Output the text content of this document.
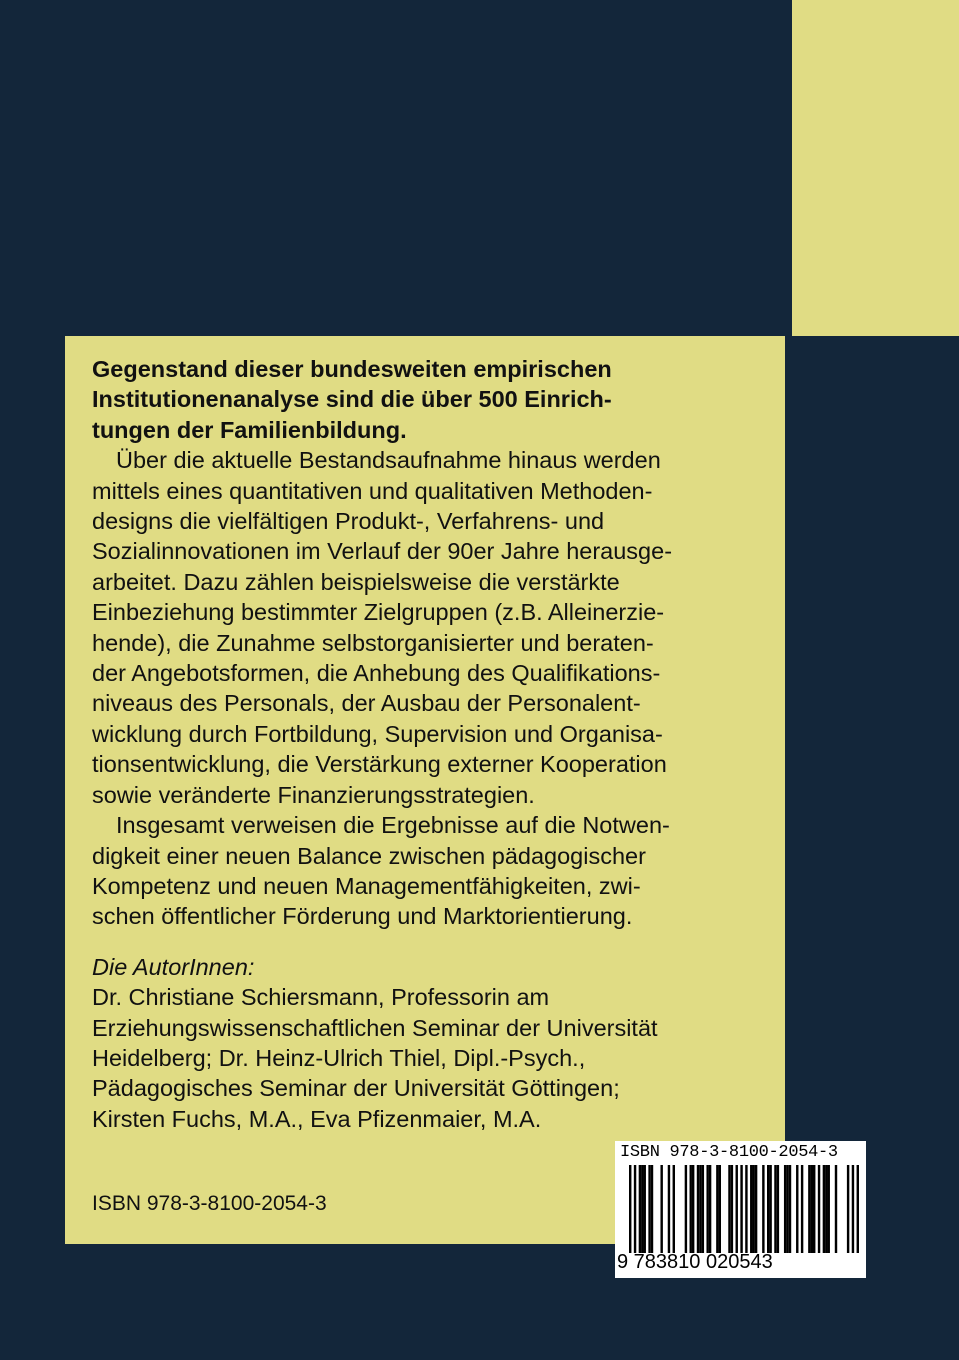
Gegenstand dieser bundesweiten empirischen
Institutionenanalyse sind die über 500 Einrich-
tungen der Familienbildung.
Über die aktuelle Bestandsaufnahme hinaus werden
mittels eines quantitativen und qualitativen Methoden-
designs die vielfältigen Produkt-, Verfahrens- und
Sozialinnovationen im Verlauf der 90er Jahre herausge-
arbeitet. Dazu zählen beispielsweise die verstärkte
Einbeziehung bestimmter Zielgruppen (z.B. Alleinerzie-
hende), die Zunahme selbstorganisierter und beraten-
der Angebotsformen, die Anhebung des Qualifikations-
niveaus des Personals, der Ausbau der Personalent-
wicklung durch Fortbildung, Supervision und Organisa-
tionsentwicklung, die Verstärkung externer Kooperation
sowie veränderte Finanzierungsstrategien.
Insgesamt verweisen die Ergebnisse auf die Notwen-
digkeit einer neuen Balance zwischen pädagogischer
Kompetenz und neuen Managementfähigkeiten, zwi-
schen öffentlicher Förderung und Marktorientierung.
Die AutorInnen:
Dr. Christiane Schiersmann, Professorin am
Erziehungswissenschaftlichen Seminar der Universität
Heidelberg; Dr. Heinz-Ulrich Thiel, Dipl.-Psych.,
Pädagogisches Seminar der Universität Göttingen;
Kirsten Fuchs, M.A., Eva Pfizenmaier, M.A.
ISBN 978-3-8100-2054-3
ISBN 978-3-8100-2054-3
9 783810 020543
